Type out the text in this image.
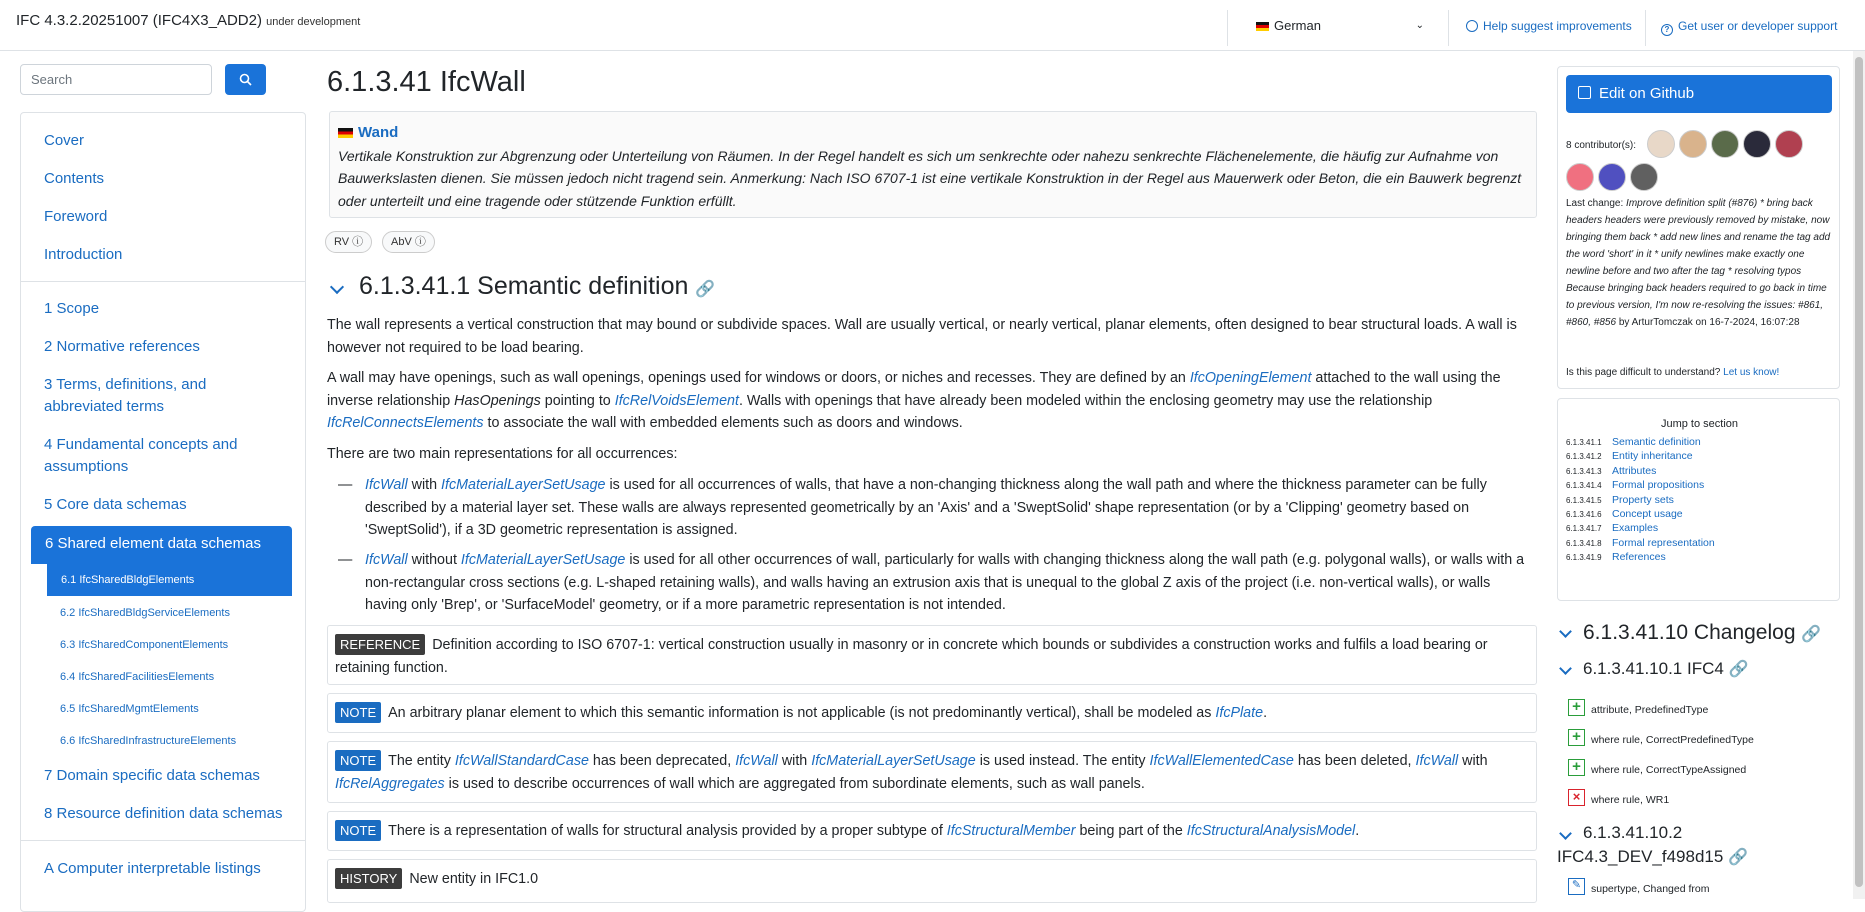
IFC 4.3.2.20251007 (IFC4X3_ADD2) under development	German	⌄	Help suggest improvements	? Get user or developer support
Search
Cover
Contents
Foreword
Introduction
1 Scope
2 Normative references
3 Terms, definitions, and abbreviated terms
4 Fundamental concepts and assumptions
5 Core data schemas
6 Shared element data schemas
6.1 IfcSharedBldgElements
6.2 IfcSharedBldgServiceElements
6.3 IfcSharedComponentElements
6.4 IfcSharedFacilitiesElements
6.5 IfcSharedMgmtElements
6.6 IfcSharedInfrastructureElements
7 Domain specific data schemas
8 Resource definition data schemas
A Computer interpretable listings
6.1.3.41 IfcWall
Wand
Vertikale Konstruktion zur Abgrenzung oder Unterteilung von Räumen. In der Regel handelt es sich um senkrechte oder nahezu senkrechte Flächenelemente, die häufig zur Aufnahme von Bauwerkslasten dienen. Sie müssen jedoch nicht tragend sein. Anmerkung: Nach ISO 6707-1 ist eine vertikale Konstruktion in der Regel aus Mauerwerk oder Beton, die ein Bauwerk begrenzt oder unterteilt und eine tragende oder stützende Funktion erfüllt.
RV ⓘ	AbV ⓘ
6.1.3.41.1 Semantic definition 🔗
The wall represents a vertical construction that may bound or subdivide spaces. Wall are usually vertical, or nearly vertical, planar elements, often designed to bear structural loads. A wall is however not required to be load bearing.
A wall may have openings, such as wall openings, openings used for windows or doors, or niches and recesses. They are defined by an IfcOpeningElement attached to the wall using the inverse relationship HasOpenings pointing to IfcRelVoidsElement. Walls with openings that have already been modeled within the enclosing geometry may use the relationship IfcRelConnectsElements to associate the wall with embedded elements such as doors and windows.
There are two main representations for all occurrences:
— IfcWall with IfcMaterialLayerSetUsage is used for all occurrences of walls, that have a non-changing thickness along the wall path and where the thickness parameter can be fully described by a material layer set. These walls are always represented geometrically by an 'Axis' and a 'SweptSolid' shape representation (or by a 'Clipping' geometry based on 'SweptSolid'), if a 3D geometric representation is assigned.
— IfcWall without IfcMaterialLayerSetUsage is used for all other occurrences of wall, particularly for walls with changing thickness along the wall path (e.g. polygonal walls), or walls with a non-rectangular cross sections (e.g. L-shaped retaining walls), and walls having an extrusion axis that is unequal to the global Z axis of the project (i.e. non-vertical walls), or walls having only 'Brep', or 'SurfaceModel' geometry, or if a more parametric representation is not intended.
REFERENCE Definition according to ISO 6707-1: vertical construction usually in masonry or in concrete which bounds or subdivides a construction works and fulfils a load bearing or retaining function.
NOTE An arbitrary planar element to which this semantic information is not applicable (is not predominantly vertical), shall be modeled as IfcPlate.
NOTE The entity IfcWallStandardCase has been deprecated, IfcWall with IfcMaterialLayerSetUsage is used instead. The entity IfcWallElementedCase has been deleted, IfcWall with IfcRelAggregates is used to describe occurrences of wall which are aggregated from subordinate elements, such as wall panels.
NOTE There is a representation of walls for structural analysis provided by a proper subtype of IfcStructuralMember being part of the IfcStructuralAnalysisModel.
HISTORY New entity in IFC1.0
Edit on Github
8 contributor(s):
Last change: Improve definition split (#876) * bring back headers headers were previously removed by mistake, now bringing them back * add new lines and rename the tag add the word 'short' in it * unify newlines make exactly one newline before and two after the tag * resolving typos Because bringing back headers required to go back in time to previous version, I'm now re-resolving the issues: #861, #860, #856 by ArturTomczak on 16-7-2024, 16:07:28
Is this page difficult to understand? Let us know!
Jump to section
6.1.3.41.1 Semantic definition
6.1.3.41.2 Entity inheritance
6.1.3.41.3 Attributes
6.1.3.41.4 Formal propositions
6.1.3.41.5 Property sets
6.1.3.41.6 Concept usage
6.1.3.41.7 Examples
6.1.3.41.8 Formal representation
6.1.3.41.9 References
6.1.3.41.10 Changelog 🔗
6.1.3.41.10.1 IFC4 🔗
+ attribute, PredefinedType
+ where rule, CorrectPredefinedType
+ where rule, CorrectTypeAssigned
×	where rule, WR1
6.1.3.41.10.2
IFC4.3_DEV_f498d15 🔗
✎ supertype, Changed from
